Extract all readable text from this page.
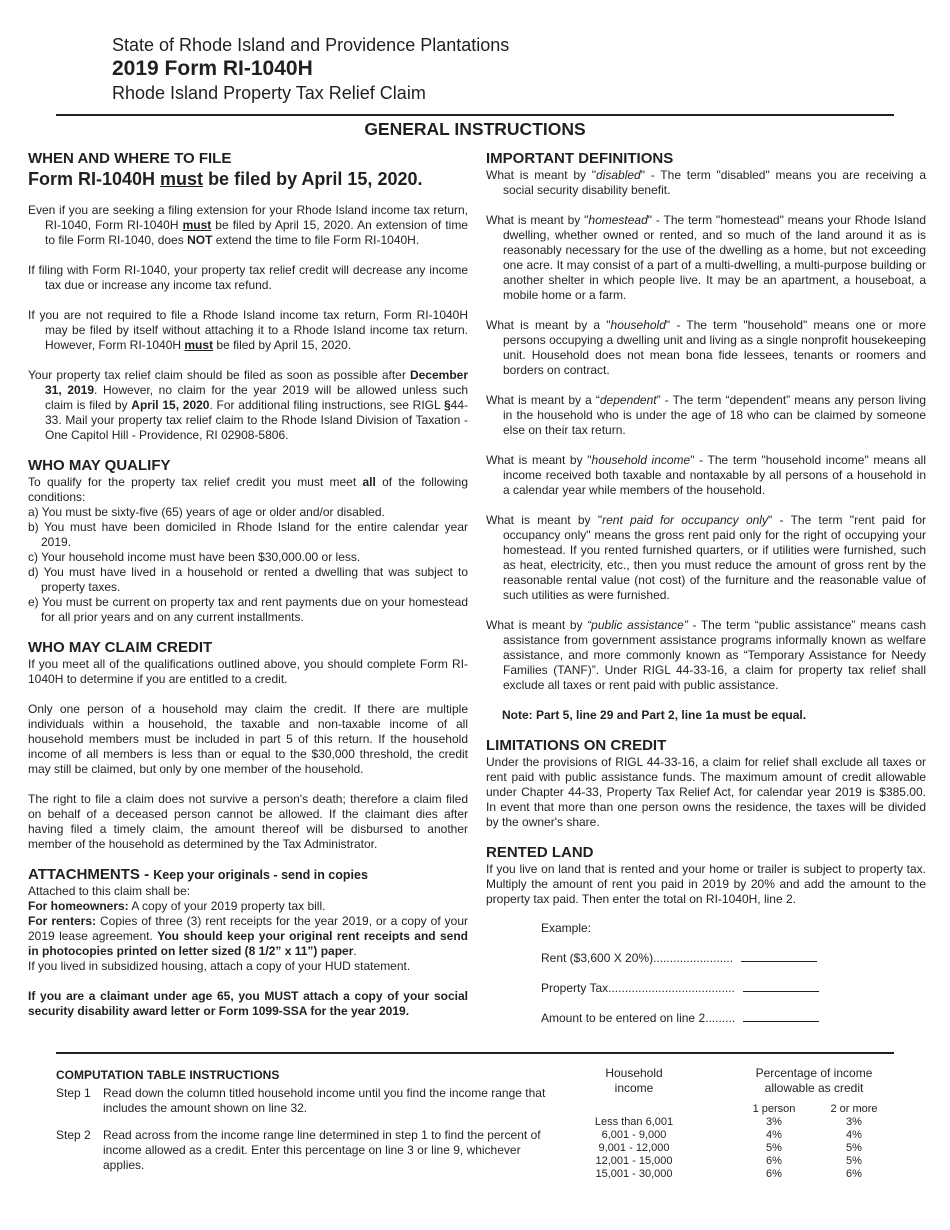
State of Rhode Island and Providence Plantations
2019 Form RI-1040H
Rhode Island Property Tax Relief Claim
GENERAL INSTRUCTIONS
WHEN AND WHERE TO FILE
Form RI-1040H must be filed by April 15, 2020.

Even if you are seeking a filing extension for your Rhode Island income tax return, RI-1040, Form RI-1040H must be filed by April 15, 2020. An extension of time to file Form RI-1040, does NOT extend the time to file Form RI-1040H.

If filing with Form RI-1040, your property tax relief credit will decrease any income tax due or increase any income tax refund.

If you are not required to file a Rhode Island income tax return, Form RI-1040H may be filed by itself without attaching it to a Rhode Island income tax return. However, Form RI-1040H must be filed by April 15, 2020.

Your property tax relief claim should be filed as soon as possible after December 31, 2019. However, no claim for the year 2019 will be allowed unless such claim is filed by April 15, 2020. For additional filing instructions, see RIGL §44-33. Mail your property tax relief claim to the Rhode Island Division of Taxation - One Capitol Hill - Providence, RI 02908-5806.

WHO MAY QUALIFY

To qualify for the property tax relief credit you must meet all of the following conditions:

a) You must be sixty-five (65) years of age or older and/or disabled.

b) You must have been domiciled in Rhode Island for the entire calendar year 2019.

c) Your household income must have been $30,000.00 or less.

d) You must have lived in a household or rented a dwelling that was subject to property taxes.

e) You must be current on property tax and rent payments due on your homestead for all prior years and on any current installments.

WHO MAY CLAIM CREDIT

If you meet all of the qualifications outlined above, you should complete Form RI-1040H to determine if you are entitled to a credit.

Only one person of a household may claim the credit. If there are multiple individuals within a household, the taxable and non-taxable income of all household members must be included in part 5 of this return. If the household income of all members is less than or equal to the $30,000 threshold, the credit may still be claimed, but only by one member of the household.

The right to file a claim does not survive a person's death; therefore a claim filed on behalf of a deceased person cannot be allowed. If the claimant dies after having filed a timely claim, the amount thereof will be disbursed to another member of the household as determined by the Tax Administrator.

ATTACHMENTS - Keep your originals - send in copies

Attached to this claim shall be:

For homeowners: A copy of your 2019 property tax bill.

For renters: Copies of three (3) rent receipts for the year 2019, or a copy of your 2019 lease agreement. You should keep your original rent receipts and send in photocopies printed on letter sized (8 1/2” x 11”) paper.

If you lived in subsidized housing, attach a copy of your HUD statement.

If you are a claimant under age 65, you MUST attach a copy of your social security disability award letter or Form 1099-SSA for the year 2019.

IMPORTANT DEFINITIONS

What is meant by "disabled" - The term "disabled" means you are receiving a social security disability benefit.

What is meant by "homestead" - The term "homestead" means your Rhode Island dwelling, whether owned or rented, and so much of the land around it as is reasonably necessary for the use of the dwelling as a home, but not exceeding one acre. It may consist of a part of a multi-dwelling, a multi-purpose building or another shelter in which people live. It may be an apartment, a houseboat, a mobile home or a farm.

What is meant by a "household" - The term "household" means one or more persons occupying a dwelling unit and living as a single nonprofit housekeeping unit. Household does not mean bona fide lessees, tenants or roomers and borders on contract.

What is meant by a “dependent” - The term “dependent” means any person living in the household who is under the age of 18 who can be claimed by someone else on their tax return.

What is meant by "household income" - The term "household income" means all income received both taxable and nontaxable by all persons of a household in a calendar year while members of the household.

What is meant by "rent paid for occupancy only" - The term "rent paid for occupancy only" means the gross rent paid only for the right of occupying your homestead. If you rented furnished quarters, or if utilities were furnished, such as heat, electricity, etc., then you must reduce the amount of gross rent by the reasonable rental value (not cost) of the furniture and the reasonable value of such utilities as were furnished.

What is meant by “public assistance” - The term “public assistance” means cash assistance from government assistance programs informally known as welfare assistance, and more commonly known as “Temporary Assistance for Needy Families (TANF)”. Under RIGL 44-33-16, a claim for property tax relief shall exclude all taxes or rent paid with public assistance.

Note: Part 5, line 29 and Part 2, line 1a must be equal.

LIMITATIONS ON CREDIT

Under the provisions of RIGL 44-33-16, a claim for relief shall exclude all taxes or rent paid with public assistance funds. The maximum amount of credit allowable under Chapter 44-33, Property Tax Relief Act, for calendar year 2019 is $385.00. In event that more than one person owns the residence, the taxes will be divided by the owner's share.

RENTED LAND

If you live on land that is rented and your home or trailer is subject to property tax. Multiply the amount of rent you paid in 2019 by 20% and add the amount to the property tax paid. Then enter the total on RI-1040H, line 2.

Example:
Rent ($3,600 X 20%)........................
Property Tax......................................
Amount to be entered on line 2.........
COMPUTATION TABLE INSTRUCTIONS
Step 1 Read down the column titled household income until you find the income range that includes the amount shown on line 32.
Step 2 Read across from the income range line determined in step 1 to find the percent of income allowed as a credit. Enter this percentage on line 3 or line 9, whichever applies.
Household
income		Percentage of income
allowable as credit		
		1 person		2 or more
Less than 6,001		3%		3%
6,001 - 9,000		4%		4%
9,001 - 12,000		5%		5%
12,001 - 15,000		6%		5%
15,001 - 30,000		6%		6%
